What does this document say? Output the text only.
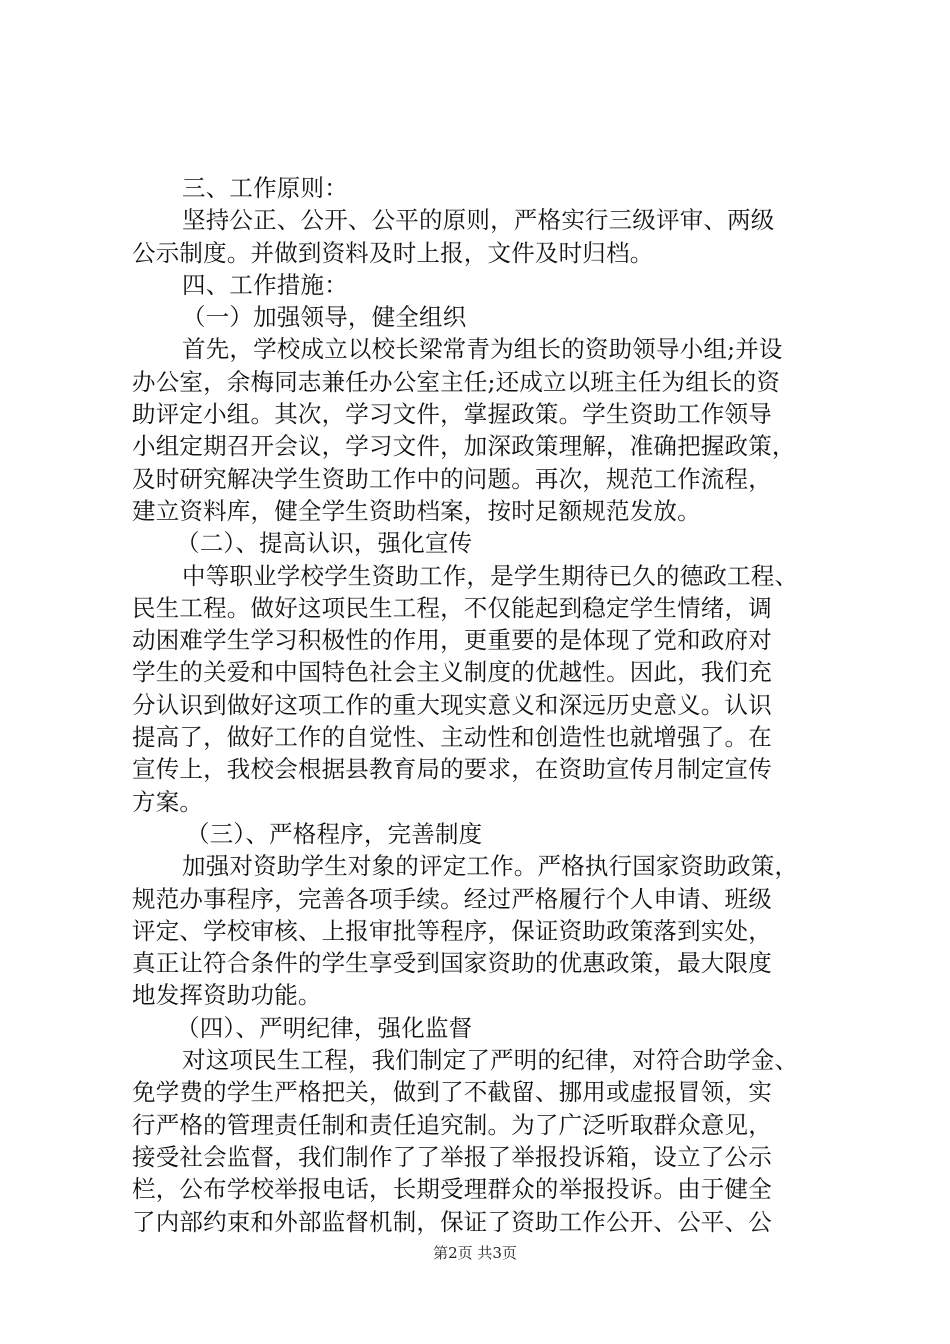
三、工作原则：
坚持公正、公开、公平的原则，严格实行三级评审、两级
公示制度。并做到资料及时上报，文件及时归档。
四、工作措施：
（一）加强领导，健全组织
首先，学校成立以校长梁常青为组长的资助领导小组;并设
办公室，余梅同志兼任办公室主任;还成立以班主任为组长的资
助评定小组。其次，学习文件，掌握政策。学生资助工作领导
小组定期召开会议，学习文件，加深政策理解，准确把握政策，
及时研究解决学生资助工作中的问题。再次，规范工作流程，
建立资料库，健全学生资助档案，按时足额规范发放。
（二）、提高认识，强化宣传
中等职业学校学生资助工作，是学生期待已久的德政工程、
民生工程。做好这项民生工程，不仅能起到稳定学生情绪，调
动困难学生学习积极性的作用，更重要的是体现了党和政府对
学生的关爱和中国特色社会主义制度的优越性。因此，我们充
分认识到做好这项工作的重大现实意义和深远历史意义。认识
提高了，做好工作的自觉性、主动性和创造性也就增强了。在
宣传上，我校会根据县教育局的要求，在资助宣传月制定宣传
方案。
（三）、严格程序，完善制度
加强对资助学生对象的评定工作。严格执行国家资助政策，
规范办事程序，完善各项手续。经过严格履行个人申请、班级
评定、学校审核、上报审批等程序，保证资助政策落到实处，
真正让符合条件的学生享受到国家资助的优惠政策，最大限度
地发挥资助功能。
（四）、严明纪律，强化监督
对这项民生工程，我们制定了严明的纪律，对符合助学金、
免学费的学生严格把关，做到了不截留、挪用或虚报冒领，实
行严格的管理责任制和责任追究制。为了广泛听取群众意见，
接受社会监督，我们制作了了举报了举报投诉箱，设立了公示
栏，公布学校举报电话，长期受理群众的举报投诉。由于健全
了内部约束和外部监督机制，保证了资助工作公开、公平、公
第2页 共3页
